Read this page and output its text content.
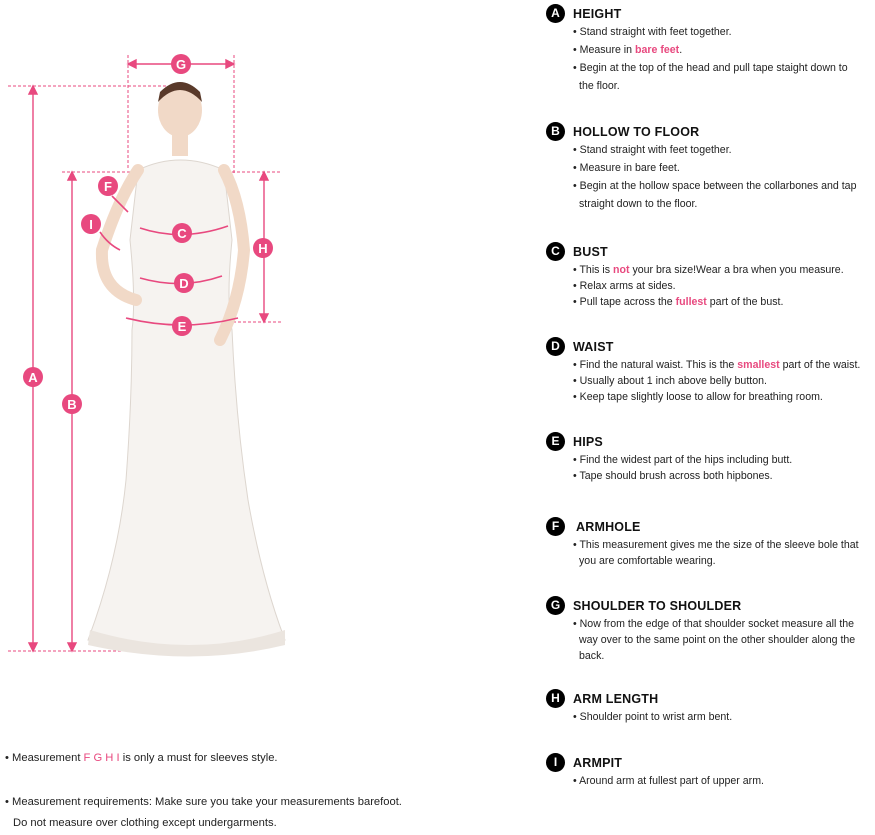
A
B
C
D
E
F
G
H
I
A	HEIGHT
• Stand straight with feet together.
• Measure in bare feet.
• Begin at the top of the head and pull tape staight down to
the floor.
B	HOLLOW TO FLOOR
• Stand straight with feet together.
• Measure in bare feet.
• Begin at the hollow space between the collarbones and tap
straight down to the floor.
C	BUST
• This is not your bra size!Wear a bra when you measure.
• Relax arms at sides.
• Pull tape across the fullest part of the bust.
D	WAIST
• Find the natural waist. This is the smallest part of the waist.
• Usually about 1 inch above belly button.
• Keep tape slightly loose to allow for breathing room.
E	HIPS
• Find the widest part of the hips including butt.
• Tape should brush across both hipbones.
F	ARMHOLE
• This measurement gives me the size of the sleeve bole that
you are comfortable wearing.
G	SHOULDER TO SHOULDER
• Now from the edge of that shoulder socket measure all the
way over to the same point on the other shoulder along the
back.
H	ARM LENGTH
• Shoulder point to wrist arm bent.
I	ARMPIT
• Around arm at fullest part of upper arm.
• Measurement F G H I is only a must for sleeves style.
• Measurement requirements: Make sure you take your measurements barefoot.
Do not measure over clothing except undergarments.
